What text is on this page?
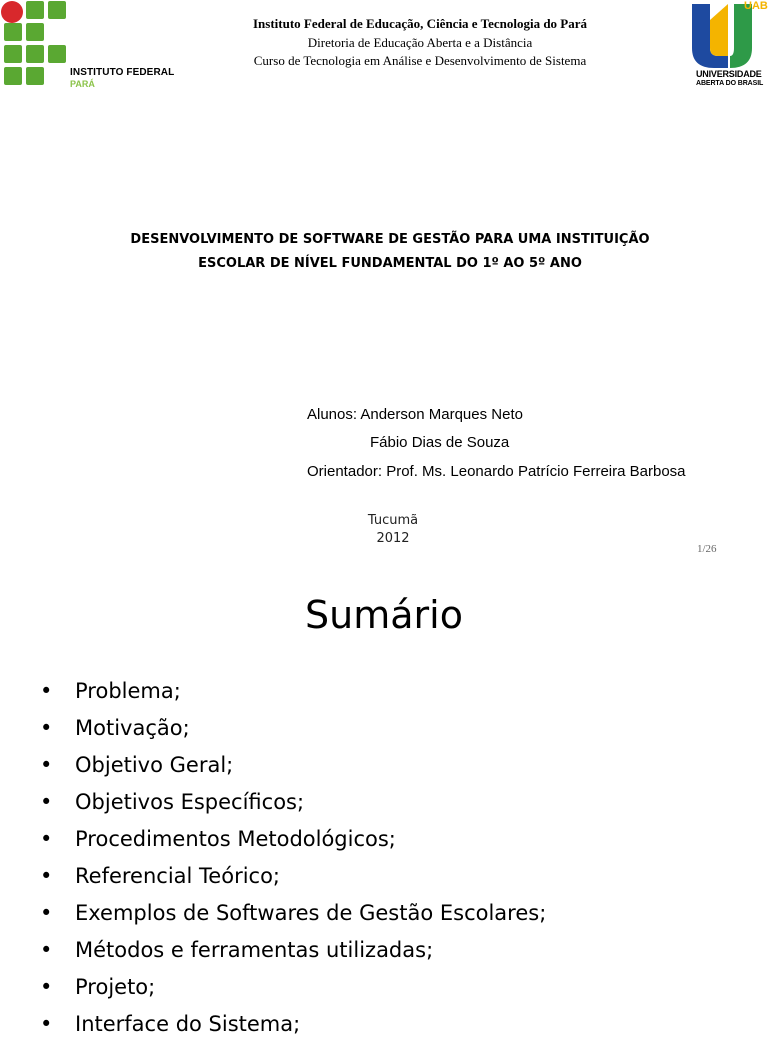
INSTITUTO FEDERAL
PARÁ
Instituto Federal de Educação, Ciência e Tecnologia do Pará
Diretoria de Educação Aberta e a Distância
Curso de Tecnologia em Análise e Desenvolvimento de Sistema
UAB
UNIVERSIDADE
ABERTA DO BRASIL
DESENVOLVIMENTO DE SOFTWARE DE GESTÃO PARA UMA INSTITUIÇÃO
ESCOLAR DE NÍVEL FUNDAMENTAL DO 1º AO 5º ANO
Alunos: Anderson Marques Neto
Fábio Dias de Souza
Orientador: Prof. Ms. Leonardo Patrício Ferreira Barbosa
Tucumã
2012
1/26
Sumário
•	Problema;
•	Motivação;
•	Objetivo Geral;
•	Objetivos Específicos;
•	Procedimentos Metodológicos;
•	Referencial Teórico;
•	Exemplos de Softwares de Gestão Escolares;
•	Métodos e ferramentas utilizadas;
•	Projeto;
•	Interface do Sistema;
